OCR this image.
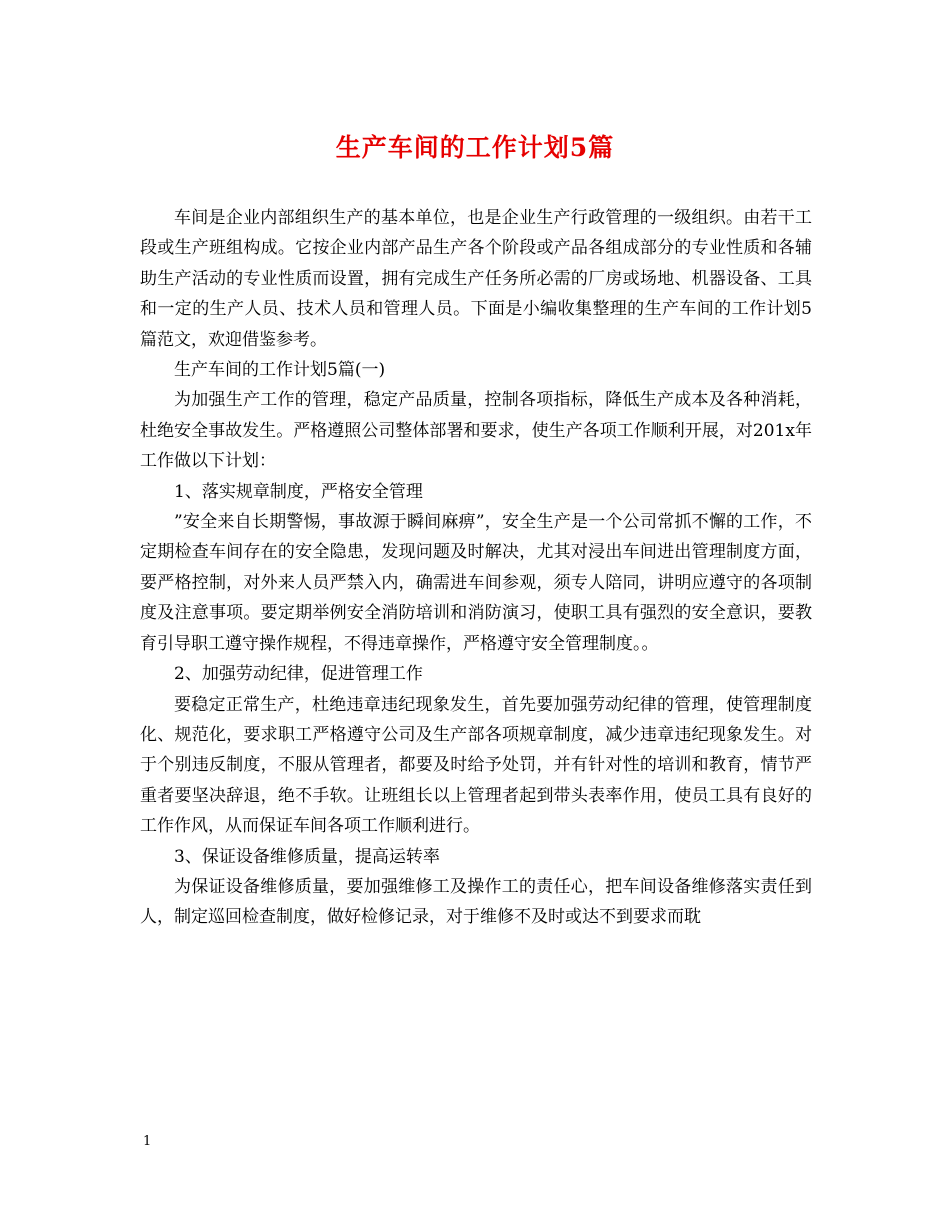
生产车间的工作计划5篇

车间是企业内部组织生产的基本单位，也是企业生产行政管理的一级组织。由若干工段或生产班组构成。它按企业内部产品生产各个阶段或产品各组成部分的专业性质和各辅助生产活动的专业性质而设置，拥有完成生产任务所必需的厂房或场地、机器设备、工具和一定的生产人员、技术人员和管理人员。下面是小编收集整理的生产车间的工作计划5篇范文，欢迎借鉴参考。

生产车间的工作计划5篇(一)

为加强生产工作的管理，稳定产品质量，控制各项指标，降低生产成本及各种消耗，杜绝安全事故发生。严格遵照公司整体部署和要求，使生产各项工作顺利开展，对201x年工作做以下计划：

1、落实规章制度，严格安全管理

”安全来自长期警惕，事故源于瞬间麻痹”，安全生产是一个公司常抓不懈的工作，不定期检查车间存在的安全隐患，发现问题及时解决，尤其对浸出车间进出管理制度方面，要严格控制，对外来人员严禁入内，确需进车间参观，须专人陪同，讲明应遵守的各项制度及注意事项。要定期举例安全消防培训和消防演习，使职工具有强烈的安全意识，要教育引导职工遵守操作规程，不得违章操作，严格遵守安全管理制度。。

2、加强劳动纪律，促进管理工作

要稳定正常生产，杜绝违章违纪现象发生，首先要加强劳动纪律的管理，使管理制度化、规范化，要求职工严格遵守公司及生产部各项规章制度，减少违章违纪现象发生。对于个别违反制度，不服从管理者，都要及时给予处罚，并有针对性的培训和教育，情节严重者要坚决辞退，绝不手软。让班组长以上管理者起到带头表率作用，使员工具有良好的工作作风，从而保证车间各项工作顺利进行。

3、保证设备维修质量，提高运转率

为保证设备维修质量，要加强维修工及操作工的责任心，把车间设备维修落实责任到人，制定巡回检查制度，做好检修记录，对于维修不及时或达不到要求而耽

1
